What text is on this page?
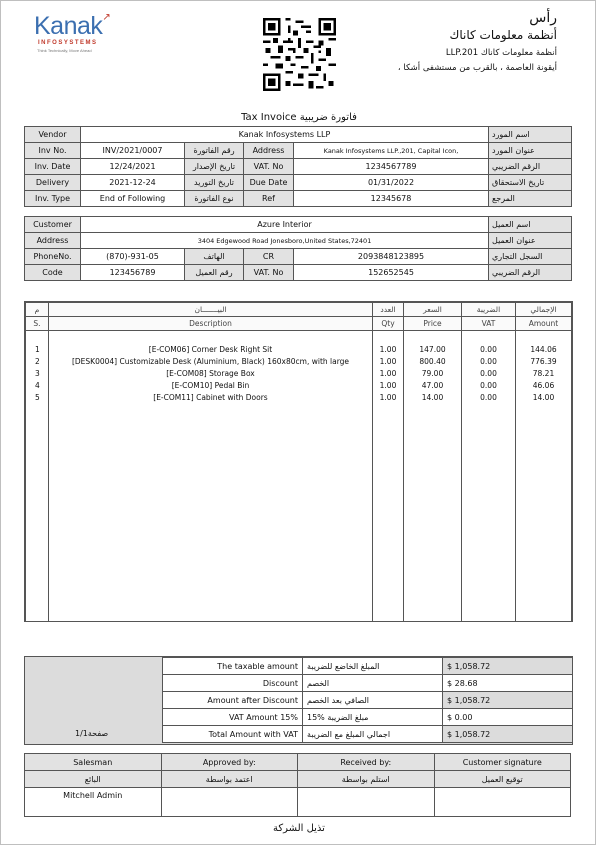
Kanak↗
INFOSYSTEMS
Think Technically, Move Ahead
رأس
أنظمة معلومات كاناك
LLP.201 أنظمة معلومات كاناك
، أيقونة العاصمة ، بالقرب من مستشفى أشكا
Tax Invoice فاتورة ضريبية
Vendor	Kanak Infosystems LLP				اسم المورد
Inv No.	INV/2021/0007	رقم الفاتورة	Address	Kanak Infosystems LLP.,201, Capital Icon,	عنوان المورد
Inv. Date	12/24/2021	تاريخ الإصدار	VAT. No	1234567789	الرقم الضريبي
Delivery	2021-12-24	تاريخ التوريد	Due Date	01/31/2022	تاريخ الاستحقاق
Inv. Type	End of Following	نوع الفاتورة	Ref	12345678	المرجع
Customer	Azure Interior				اسم العميل
Address	3404 Edgewood Road Jonesboro,United States,72401				عنوان العميل
PhoneNo.	(870)-931-05	الهاتف	CR	2093848123895	السجل التجاري
Code	123456789	رقم العميل	VAT. No	152652545	الرقم الضريبي
م	البيـــــــان	العدد	السعر	الضريبة	الإجمالي
S.	Description	Qty	Price	VAT	Amount

1	[E-COM06] Corner Desk Right Sit	1.00	147.00	0.00	144.06
2	[DESK0004] Customizable Desk (Aluminium, Black) 160x80cm, with large	1.00	800.40	0.00	776.39
3	[E-COM08] Storage Box	1.00	79.00	0.00	78.21
4	[E-COM10] Pedal Bin	1.00	47.00	0.00	46.06
5	[E-COM11] Cabinet with Doors	1.00	14.00	0.00	14.00

صفحة1/1
The taxable amount	المبلغ الخاضع للضريبة	$ 1,058.72
Discount	الخصم	$ 28.68
Amount after Discount	الصافي بعد الخصم	$ 1,058.72
VAT Amount 15%	15% مبلغ الضريبة	$ 0.00
Total Amount with VAT	اجمالي المبلغ مع الضريبة	$ 1,058.72
Salesman	Approved by:	Received by:	Customer signature
البائع	اعتمد بواسطة	استلم بواسطة	توقيع العميل
Mitchell Admin			
تذيل الشركة
